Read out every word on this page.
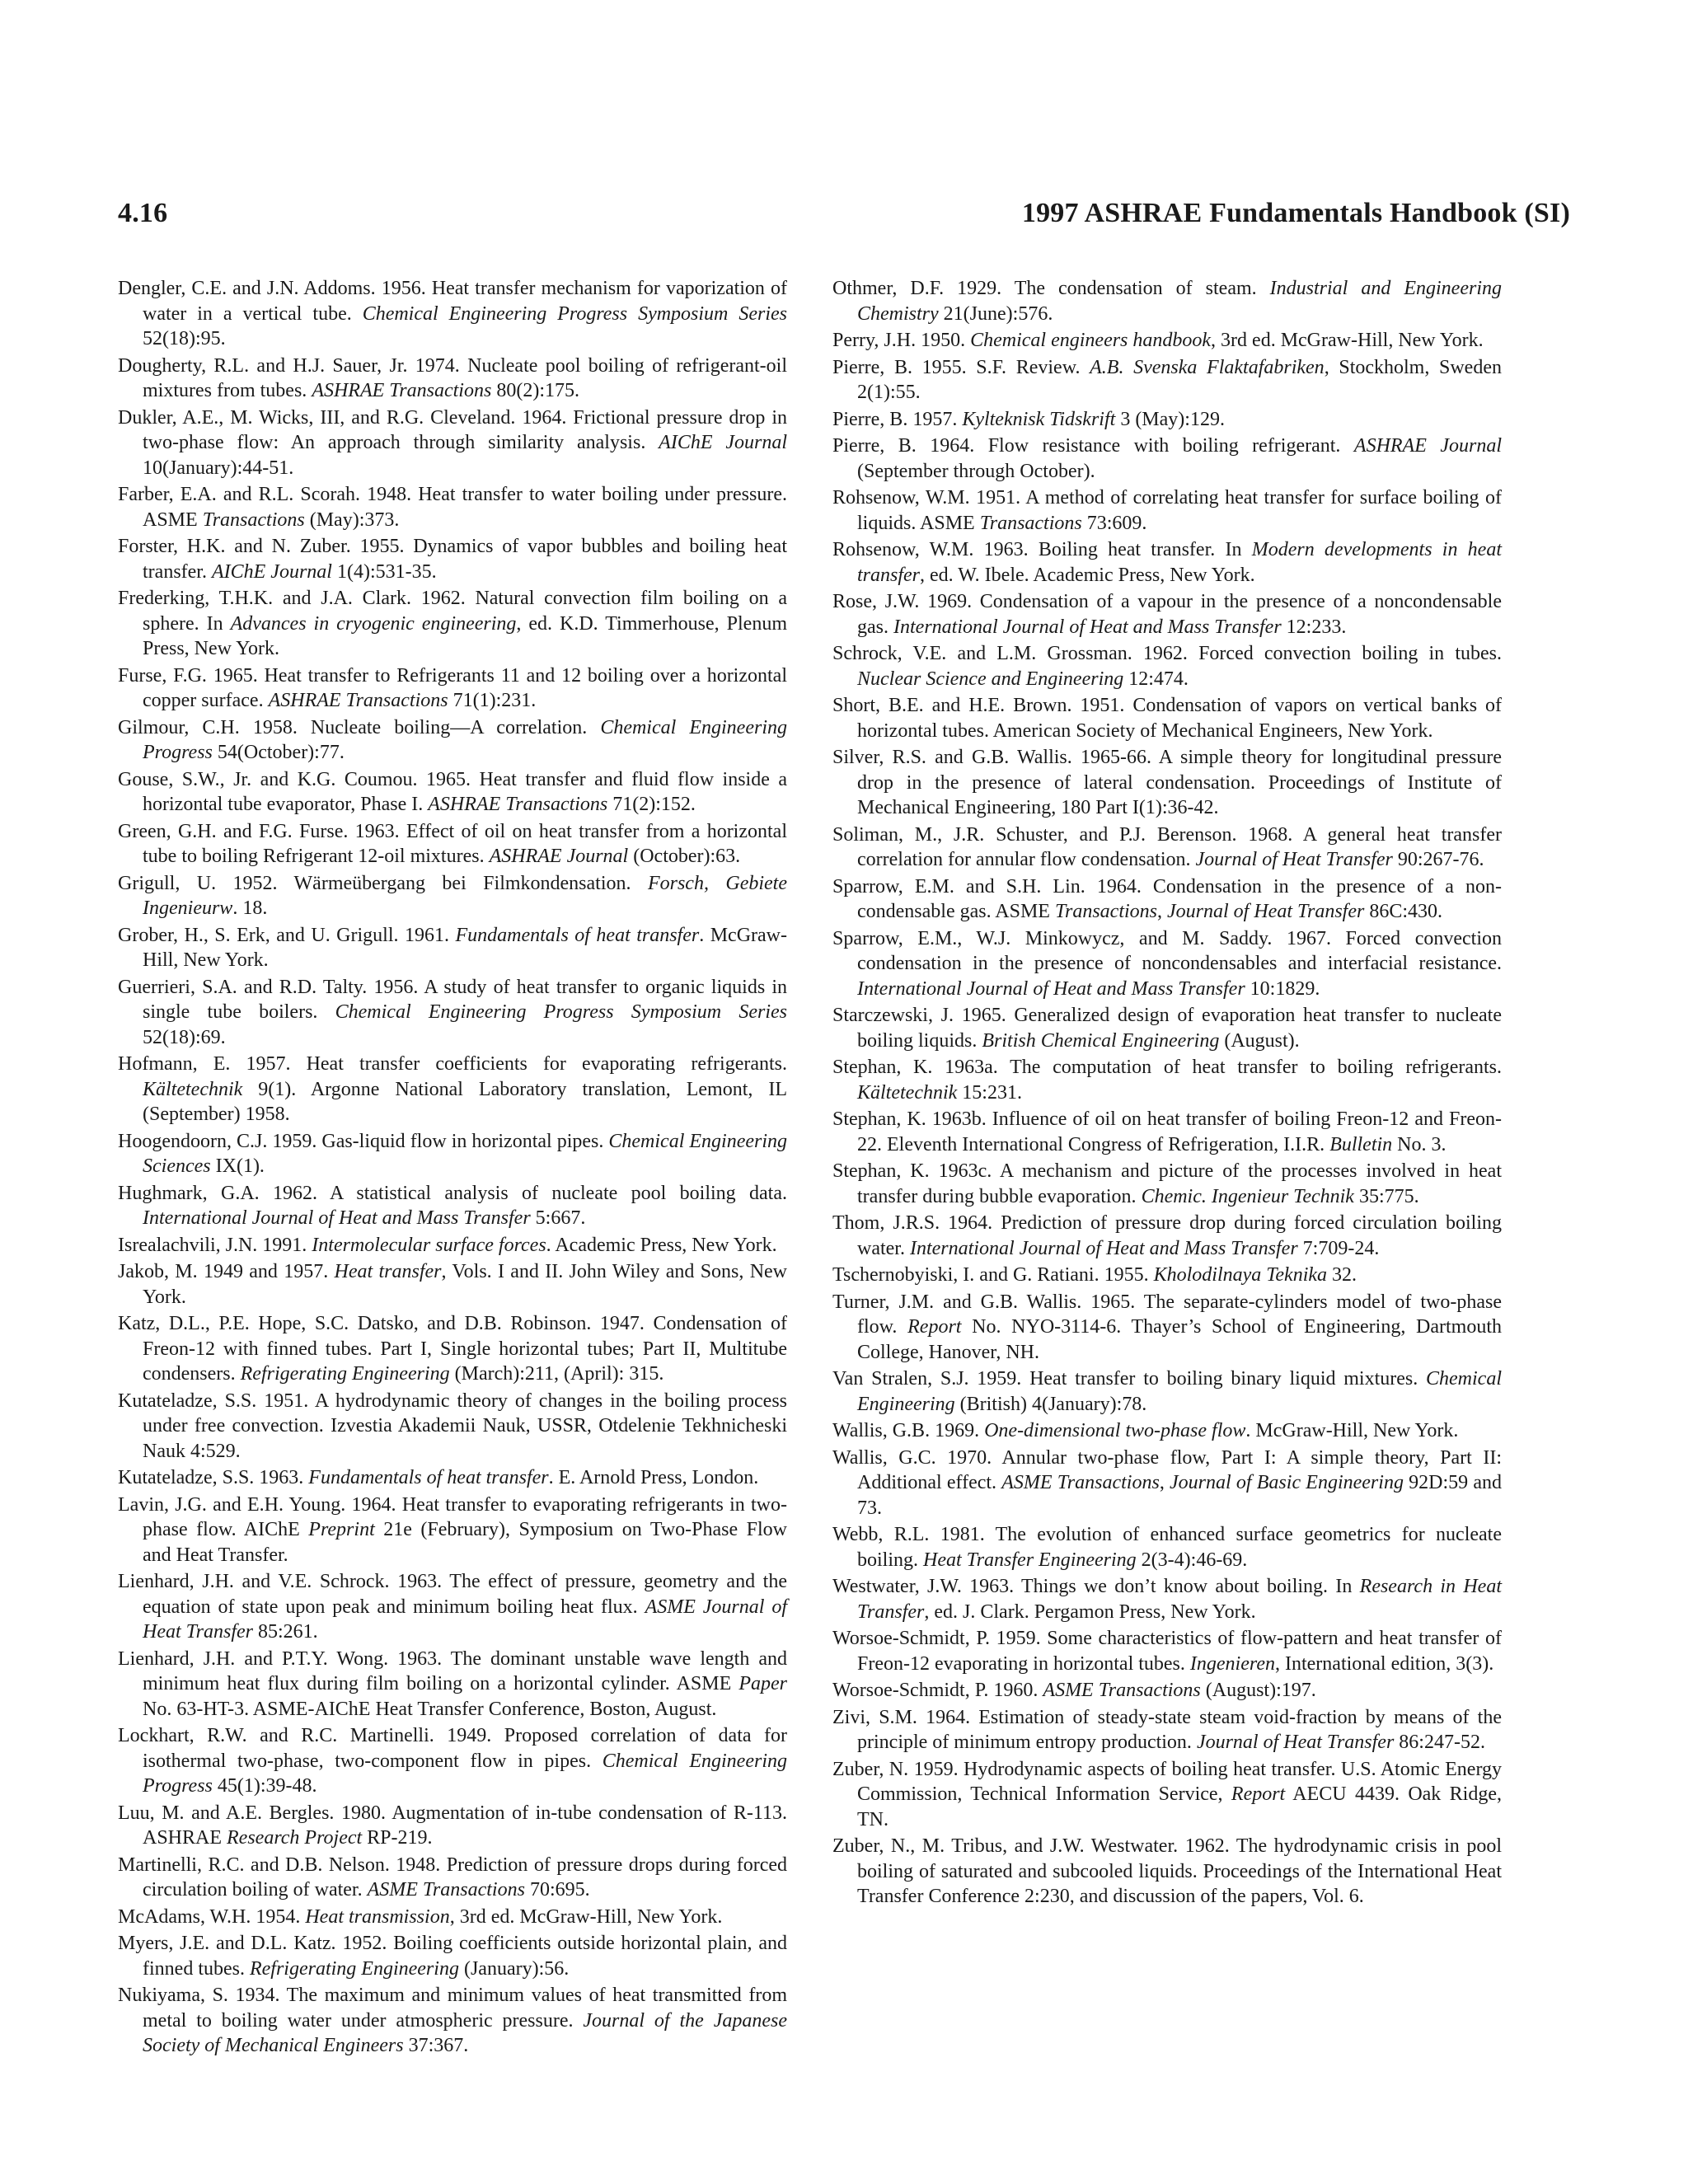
4.16	1997 ASHRAE Fundamentals Handbook (SI)

Dengler, C.E. and J.N. Addoms. 1956. Heat transfer mechanism for vaporization of water in a vertical tube. Chemical Engineering Progress Symposium Series 52(18):95.

Dougherty, R.L. and H.J. Sauer, Jr. 1974. Nucleate pool boiling of refrigerant-oil mixtures from tubes. ASHRAE Transactions 80(2):175.

Dukler, A.E., M. Wicks, III, and R.G. Cleveland. 1964. Frictional pressure drop in two-phase flow: An approach through similarity analysis. AIChE Journal 10(January):44-51.

Farber, E.A. and R.L. Scorah. 1948. Heat transfer to water boiling under pressure. ASME Transactions (May):373.

Forster, H.K. and N. Zuber. 1955. Dynamics of vapor bubbles and boiling heat transfer. AIChE Journal 1(4):531-35.

Frederking, T.H.K. and J.A. Clark. 1962. Natural convection film boiling on a sphere. In Advances in cryogenic engineering, ed. K.D. Timmerhouse, Plenum Press, New York.

Furse, F.G. 1965. Heat transfer to Refrigerants 11 and 12 boiling over a horizontal copper surface. ASHRAE Transactions 71(1):231.

Gilmour, C.H. 1958. Nucleate boiling—A correlation. Chemical Engineering Progress 54(October):77.

Gouse, S.W., Jr. and K.G. Coumou. 1965. Heat transfer and fluid flow inside a horizontal tube evaporator, Phase I. ASHRAE Transactions 71(2):152.

Green, G.H. and F.G. Furse. 1963. Effect of oil on heat transfer from a horizontal tube to boiling Refrigerant 12-oil mixtures. ASHRAE Journal (October):63.

Grigull, U. 1952. Wärmeübergang bei Filmkondensation. Forsch, Gebiete Ingenieurw. 18.

Grober, H., S. Erk, and U. Grigull. 1961. Fundamentals of heat transfer. McGraw-Hill, New York.

Guerrieri, S.A. and R.D. Talty. 1956. A study of heat transfer to organic liquids in single tube boilers. Chemical Engineering Progress Symposium Series 52(18):69.

Hofmann, E. 1957. Heat transfer coefficients for evaporating refrigerants. Kältetechnik 9(1). Argonne National Laboratory translation, Lemont, IL (September) 1958.

Hoogendoorn, C.J. 1959. Gas-liquid flow in horizontal pipes. Chemical Engineering Sciences IX(1).

Hughmark, G.A. 1962. A statistical analysis of nucleate pool boiling data. International Journal of Heat and Mass Transfer 5:667.

Isrealachvili, J.N. 1991. Intermolecular surface forces. Academic Press, New York.

Jakob, M. 1949 and 1957. Heat transfer, Vols. I and II. John Wiley and Sons, New York.

Katz, D.L., P.E. Hope, S.C. Datsko, and D.B. Robinson. 1947. Condensation of Freon-12 with finned tubes. Part I, Single horizontal tubes; Part II, Multitube condensers. Refrigerating Engineering (March):211, (April): 315.

Kutateladze, S.S. 1951. A hydrodynamic theory of changes in the boiling process under free convection. Izvestia Akademii Nauk, USSR, Otdelenie Tekhnicheski Nauk 4:529.

Kutateladze, S.S. 1963. Fundamentals of heat transfer. E. Arnold Press, London.

Lavin, J.G. and E.H. Young. 1964. Heat transfer to evaporating refrigerants in two-phase flow. AIChE Preprint 21e (February), Symposium on Two-Phase Flow and Heat Transfer.

Lienhard, J.H. and V.E. Schrock. 1963. The effect of pressure, geometry and the equation of state upon peak and minimum boiling heat flux. ASME Journal of Heat Transfer 85:261.

Lienhard, J.H. and P.T.Y. Wong. 1963. The dominant unstable wave length and minimum heat flux during film boiling on a horizontal cylinder. ASME Paper No. 63-HT-3. ASME-AIChE Heat Transfer Conference, Boston, August.

Lockhart, R.W. and R.C. Martinelli. 1949. Proposed correlation of data for isothermal two-phase, two-component flow in pipes. Chemical Engineering Progress 45(1):39-48.

Luu, M. and A.E. Bergles. 1980. Augmentation of in-tube condensation of R-113. ASHRAE Research Project RP-219.

Martinelli, R.C. and D.B. Nelson. 1948. Prediction of pressure drops during forced circulation boiling of water. ASME Transactions 70:695.

McAdams, W.H. 1954. Heat transmission, 3rd ed. McGraw-Hill, New York.

Myers, J.E. and D.L. Katz. 1952. Boiling coefficients outside horizontal plain, and finned tubes. Refrigerating Engineering (January):56.

Nukiyama, S. 1934. The maximum and minimum values of heat transmitted from metal to boiling water under atmospheric pressure. Journal of the Japanese Society of Mechanical Engineers 37:367.

Othmer, D.F. 1929. The condensation of steam. Industrial and Engineering Chemistry 21(June):576.

Perry, J.H. 1950. Chemical engineers handbook, 3rd ed. McGraw-Hill, New York.

Pierre, B. 1955. S.F. Review. A.B. Svenska Flaktafabriken, Stockholm, Sweden 2(1):55.

Pierre, B. 1957. Kylteknisk Tidskrift 3 (May):129.

Pierre, B. 1964. Flow resistance with boiling refrigerant. ASHRAE Journal (September through October).

Rohsenow, W.M. 1951. A method of correlating heat transfer for surface boiling of liquids. ASME Transactions 73:609.

Rohsenow, W.M. 1963. Boiling heat transfer. In Modern developments in heat transfer, ed. W. Ibele. Academic Press, New York.

Rose, J.W. 1969. Condensation of a vapour in the presence of a noncondensable gas. International Journal of Heat and Mass Transfer 12:233.

Schrock, V.E. and L.M. Grossman. 1962. Forced convection boiling in tubes. Nuclear Science and Engineering 12:474.

Short, B.E. and H.E. Brown. 1951. Condensation of vapors on vertical banks of horizontal tubes. American Society of Mechanical Engineers, New York.

Silver, R.S. and G.B. Wallis. 1965-66. A simple theory for longitudinal pressure drop in the presence of lateral condensation. Proceedings of Institute of Mechanical Engineering, 180 Part I(1):36-42.

Soliman, M., J.R. Schuster, and P.J. Berenson. 1968. A general heat transfer correlation for annular flow condensation. Journal of Heat Transfer 90:267-76.

Sparrow, E.M. and S.H. Lin. 1964. Condensation in the presence of a noncondensable gas. ASME Transactions, Journal of Heat Transfer 86C:430.

Sparrow, E.M., W.J. Minkowycz, and M. Saddy. 1967. Forced convection condensation in the presence of noncondensables and interfacial resistance. International Journal of Heat and Mass Transfer 10:1829.

Starczewski, J. 1965. Generalized design of evaporation heat transfer to nucleate boiling liquids. British Chemical Engineering (August).

Stephan, K. 1963a. The computation of heat transfer to boiling refrigerants. Kältetechnik 15:231.

Stephan, K. 1963b. Influence of oil on heat transfer of boiling Freon-12 and Freon-22. Eleventh International Congress of Refrigeration, I.I.R. Bulletin No. 3.

Stephan, K. 1963c. A mechanism and picture of the processes involved in heat transfer during bubble evaporation. Chemic. Ingenieur Technik 35:775.

Thom, J.R.S. 1964. Prediction of pressure drop during forced circulation boiling water. International Journal of Heat and Mass Transfer 7:709-24.

Tschernobyiski, I. and G. Ratiani. 1955. Kholodilnaya Teknika 32.

Turner, J.M. and G.B. Wallis. 1965. The separate-cylinders model of two-phase flow. Report No. NYO-3114-6. Thayer’s School of Engineering, Dartmouth College, Hanover, NH.

Van Stralen, S.J. 1959. Heat transfer to boiling binary liquid mixtures. Chemical Engineering (British) 4(January):78.

Wallis, G.B. 1969. One-dimensional two-phase flow. McGraw-Hill, New York.

Wallis, G.C. 1970. Annular two-phase flow, Part I: A simple theory, Part II: Additional effect. ASME Transactions, Journal of Basic Engineering 92D:59 and 73.

Webb, R.L. 1981. The evolution of enhanced surface geometrics for nucleate boiling. Heat Transfer Engineering 2(3-4):46-69.

Westwater, J.W. 1963. Things we don’t know about boiling. In Research in Heat Transfer, ed. J. Clark. Pergamon Press, New York.

Worsoe-Schmidt, P. 1959. Some characteristics of flow-pattern and heat transfer of Freon-12 evaporating in horizontal tubes. Ingenieren, International edition, 3(3).

Worsoe-Schmidt, P. 1960. ASME Transactions (August):197.

Zivi, S.M. 1964. Estimation of steady-state steam void-fraction by means of the principle of minimum entropy production. Journal of Heat Transfer 86:247-52.

Zuber, N. 1959. Hydrodynamic aspects of boiling heat transfer. U.S. Atomic Energy Commission, Technical Information Service, Report AECU 4439. Oak Ridge, TN.

Zuber, N., M. Tribus, and J.W. Westwater. 1962. The hydrodynamic crisis in pool boiling of saturated and subcooled liquids. Proceedings of the International Heat Transfer Conference 2:230, and discussion of the papers, Vol. 6.
